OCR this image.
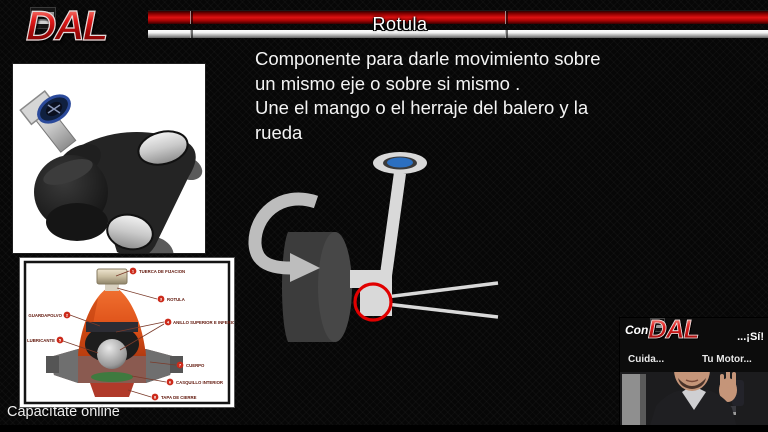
DAL	Rotula
Componente para darle movimiento sobre
un mismo eje o sobre si mismo .
Une el mango o el herraje del balero y la
rueda
1 TUERCA DE FIJACION
3 ROTULA
2
GUARDAPOLVO
4 ANILLO SUPERIOR E INFERIOR
5
LUBRICANTE
7 CUERPO
6 CASQUILLO INTERIOR
8 TAPA DE CIERRE
Con DAL	...¡Sí!
Cuida...	Tu Motor...
Capacítate online
